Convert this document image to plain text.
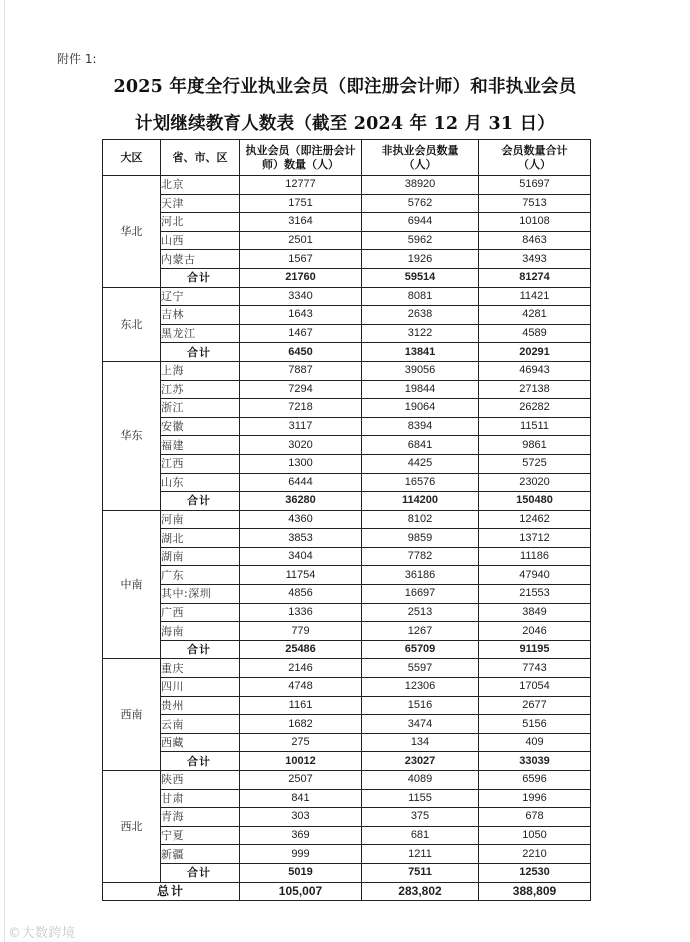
附件 1:
2025 年度全行业执业会员（即注册会计师）和非执业会员
计划继续教育人数表（截至 2024 年 12 月 31 日）
大区	省、市、区	执业会员（即注册会计师）数量（人）	非执业会员数量（人）	会员数量合计（人）
华北	北京	12777	38920	51697
	天津	1751	5762	7513
	河北	3164	6944	10108
	山西	2501	5962	8463
	内蒙古	1567	1926	3493
	合计	21760	59514	81274
东北	辽宁	3340	8081	11421
	吉林	1643	2638	4281
	黑龙江	1467	3122	4589
	合计	6450	13841	20291
华东	上海	7887	39056	46943
	江苏	7294	19844	27138
	浙江	7218	19064	26282
	安徽	3117	8394	11511
	福建	3020	6841	9861
	江西	1300	4425	5725
	山东	6444	16576	23020
	合计	36280	114200	150480
中南	河南	4360	8102	12462
	湖北	3853	9859	13712
	湖南	3404	7782	11186
	广东	11754	36186	47940
	其中:深圳	4856	16697	21553
	广西	1336	2513	3849
	海南	779	1267	2046
	合计	25486	65709	91195
西南	重庆	2146	5597	7743
	四川	4748	12306	17054
	贵州	1161	1516	2677
	云南	1682	3474	5156
	西藏	275	134	409
	合计	10012	23027	33039
西北	陕西	2507	4089	6596
	甘肃	841	1155	1996
	青海	303	375	678
	宁夏	369	681	1050
	新疆	999	1211	2210
	合计	5019	7511	12530
总计		105,007	283,802	388,809
©大数跨境
